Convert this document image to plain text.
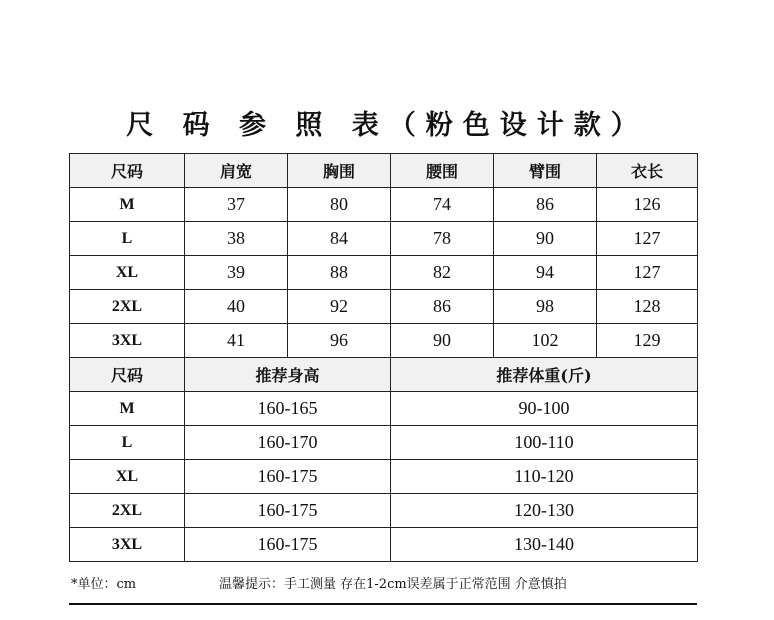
尺 码 参 照 表（粉色设计款）
尺码	肩宽	胸围	腰围	臂围	衣长
M	37	80	74	86	126
L	38	84	78	90	127
XL	39	88	82	94	127
2XL	40	92	86	98	128
3XL	41	96	90	102	129
尺码	推荐身高		推荐体重(斤)		
M	160-165		90-100		
L	160-170		100-110		
XL	160-175		110-120		
2XL	160-175		120-130		
3XL	160-175		130-140		
*单位：cm	温馨提示：手工测量 存在1-2cm误差属于正常范围 介意慎拍
